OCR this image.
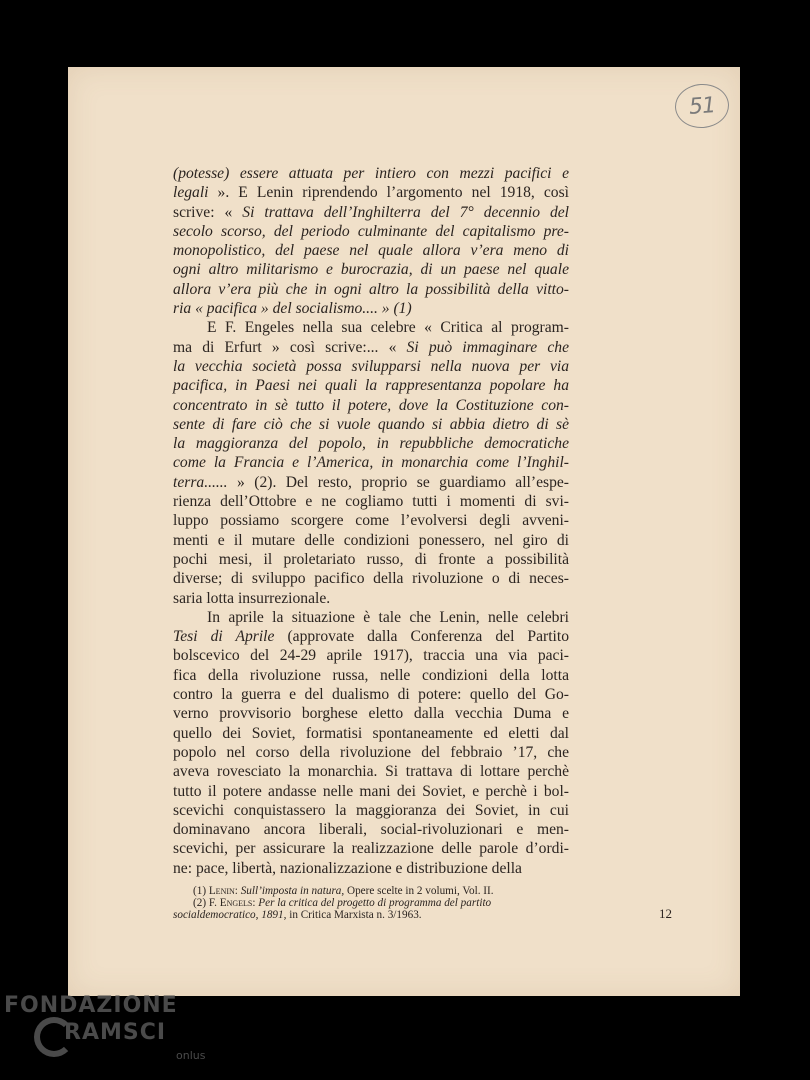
51
(potesse) essere attuata per intiero con mezzi pacifici e
legali ». E Lenin riprendendo l’argomento nel 1918, così
scrive: « Si trattava dell’Inghilterra del 7° decennio del
secolo scorso, del periodo culminante del capitalismo pre-
monopolistico, del paese nel quale allora v’era meno di
ogni altro militarismo e burocrazia, di un paese nel quale
allora v’era più che in ogni altro la possibilità della vitto-
ria « pacifica » del socialismo.... » (1)
E F. Engeles nella sua celebre « Critica al program-
ma di Erfurt » così scrive:... « Si può immaginare che
la vecchia società possa svilupparsi nella nuova per via
pacifica, in Paesi nei quali la rappresentanza popolare ha
concentrato in sè tutto il potere, dove la Costituzione con-
sente di fare ciò che si vuole quando si abbia dietro di sè
la maggioranza del popolo, in repubbliche democratiche
come la Francia e l’America, in monarchia come l’Inghil-
terra...... » (2). Del resto, proprio se guardiamo all’espe-
rienza dell’Ottobre e ne cogliamo tutti i momenti di svi-
luppo possiamo scorgere come l’evolversi degli avveni-
menti e il mutare delle condizioni ponessero, nel giro di
pochi mesi, il proletariato russo, di fronte a possibilità
diverse; di sviluppo pacifico della rivoluzione o di neces-
saria lotta insurrezionale.
In aprile la situazione è tale che Lenin, nelle celebri
Tesi di Aprile (approvate dalla Conferenza del Partito
bolscevico del 24-29 aprile 1917), traccia una via paci-
fica della rivoluzione russa, nelle condizioni della lotta
contro la guerra e del dualismo di potere: quello del Go-
verno provvisorio borghese eletto dalla vecchia Duma e
quello dei Soviet, formatisi spontaneamente ed eletti dal
popolo nel corso della rivoluzione del febbraio ’17, che
aveva rovesciato la monarchia. Si trattava di lottare perchè
tutto il potere andasse nelle mani dei Soviet, e perchè i bol-
scevichi conquistassero la maggioranza dei Soviet, in cui
dominavano ancora liberali, social-rivoluzionari e men-
scevichi, per assicurare la realizzazione delle parole d’ordi-
ne: pace, libertà, nazionalizzazione e distribuzione della
(1) Lenin: Sull’imposta in natura, Opere scelte in 2 volumi, Vol. II.
(2) F. Engels: Per la critica del progetto di programma del partito
socialdemocratico, 1891, in Critica Marxista n. 3/1963.	12
FONDAZIONE
RAMSCI
onlus
